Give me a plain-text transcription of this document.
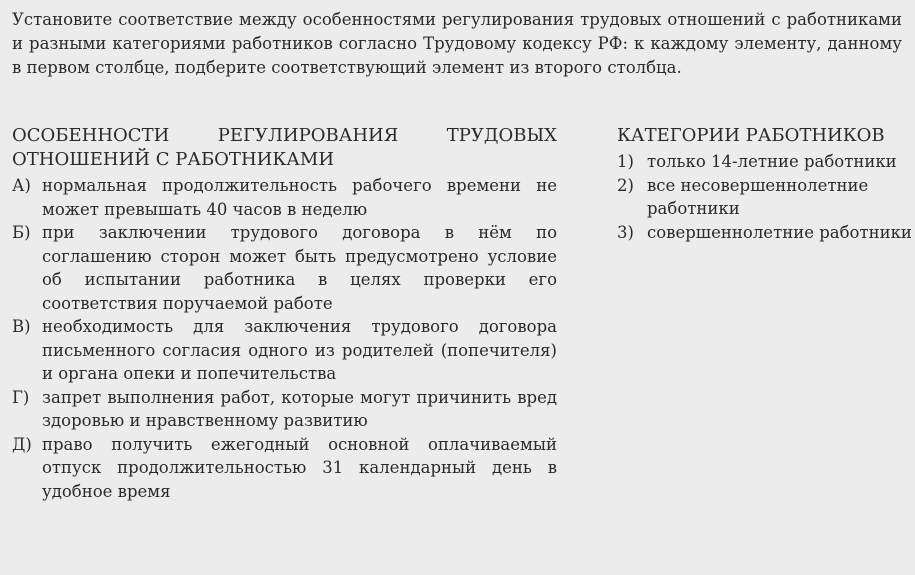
Установите соответствие между особенностями регулирования трудовых отношений с работниками и разными категориями работников согласно Трудовому кодексу РФ: к каждому элементу, данному в первом столбце, подберите соответствующий элемент из второго столбца.
ОСОБЕННОСТИ РЕГУЛИРОВАНИЯ ТРУДОВЫХ ОТНОШЕНИЙ С РАБОТНИКАМИ
А) нормальная продолжительность рабочего времени не может превышать 40 часов в неделю
Б) при заключении трудового договора в нём по соглашению сторон может быть предусмотрено условие об испытании работника в целях проверки его соответствия поручаемой работе
В) необходимость для заключения трудового договора письменного согласия одного из родителей (попечителя) и органа опеки и попечительства
Г) запрет выполнения работ, которые могут причинить вред здоровью и нравственному развитию
Д) право получить ежегодный основной оплачиваемый отпуск продолжительностью 31 календарный день в удобное время
КАТЕГОРИИ РАБОТНИКОВ
1) только 14-летние работники
2) все несовершеннолетние работники
3) совершеннолетние работники
